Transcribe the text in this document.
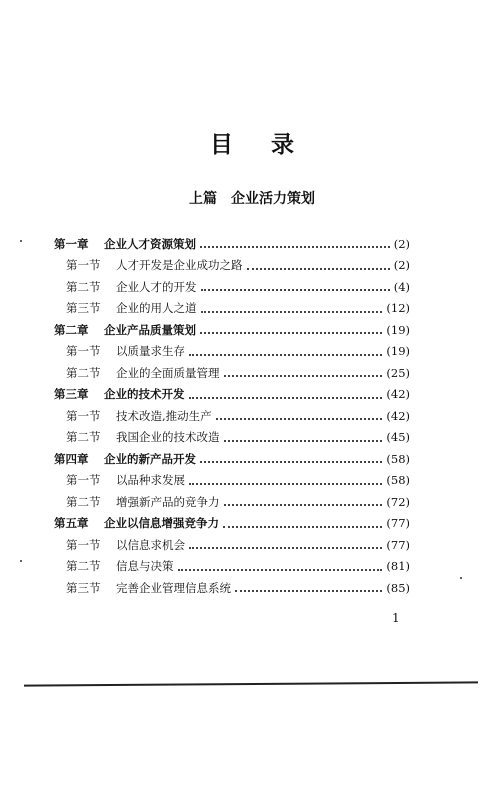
目 录
上篇　企业活力策划
第一章	企业人才资源策划	(2)
第一节	人才开发是企业成功之路	(2)
第二节	企业人才的开发	(4)
第三节	企业的用人之道	(12)
第二章	企业产品质量策划	(19)
第一节	以质量求生存	(19)
第二节	企业的全面质量管理	(25)
第三章	企业的技术开发	(42)
第一节	技术改造,推动生产	(42)
第二节	我国企业的技术改造	(45)
第四章	企业的新产品开发	(58)
第一节	以品种求发展	(58)
第二节	增强新产品的竞争力	(72)
第五章	企业以信息增强竞争力	(77)
第一节	以信息求机会	(77)
第二节	信息与决策	(81)
第三节	完善企业管理信息系统	(85)
1
